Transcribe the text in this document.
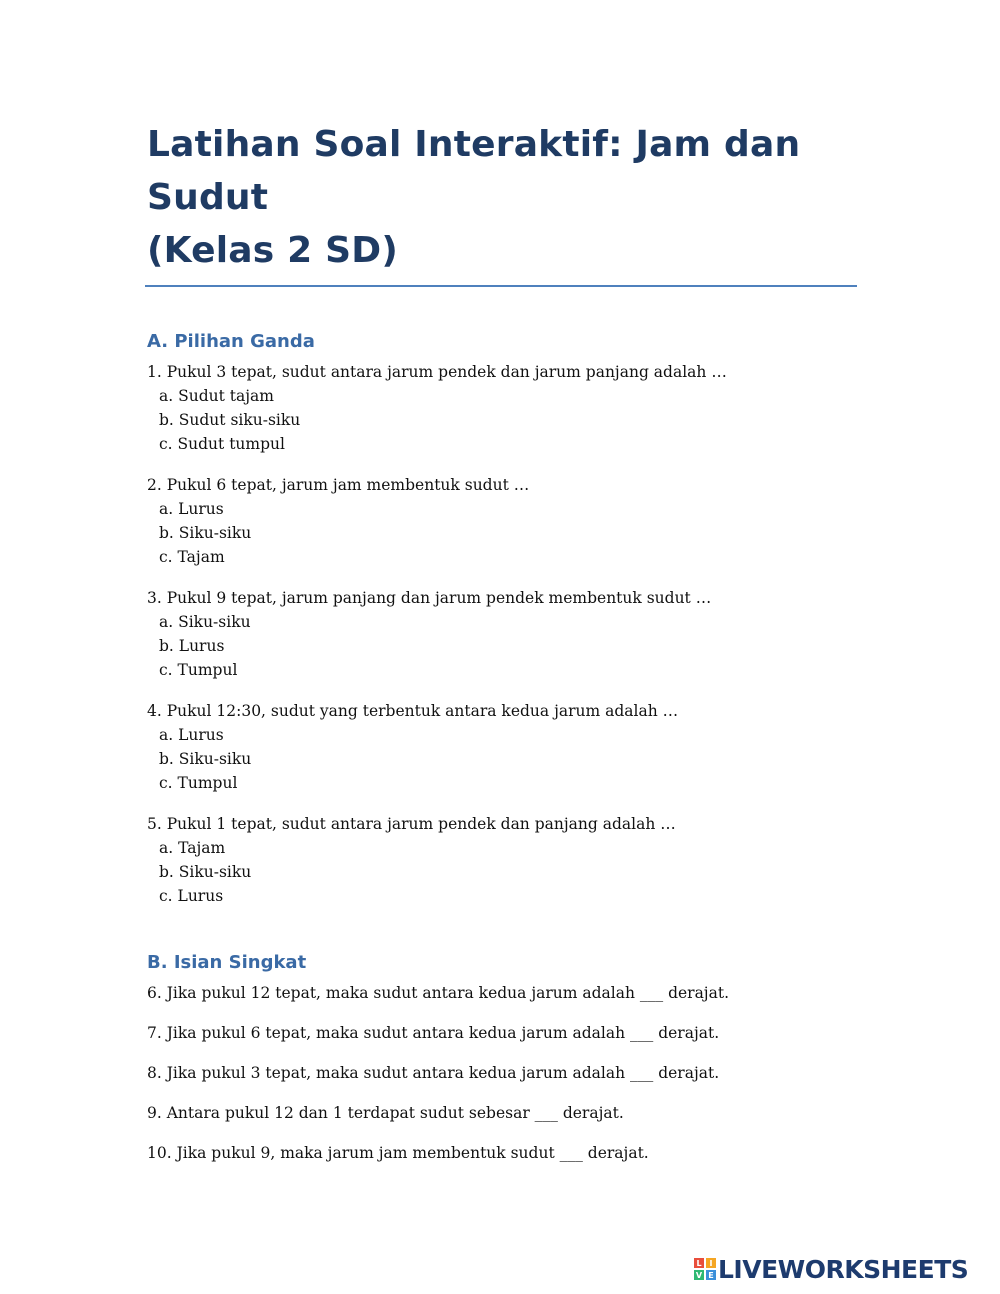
Latihan Soal Interaktif: Jam dan Sudut
(Kelas 2 SD)
A. Pilihan Ganda

1. Pukul 3 tepat, sudut antara jarum pendek dan jarum panjang adalah …

a. Sudut tajam
b. Sudut siku-siku
c. Sudut tumpul

2. Pukul 6 tepat, jarum jam membentuk sudut …

a. Lurus
b. Siku-siku
c. Tajam

3. Pukul 9 tepat, jarum panjang dan jarum pendek membentuk sudut …

a. Siku-siku
b. Lurus
c. Tumpul

4. Pukul 12:30, sudut yang terbentuk antara kedua jarum adalah …

a. Lurus
b. Siku-siku
c. Tumpul

5. Pukul 1 tepat, sudut antara jarum pendek dan panjang adalah …

a. Tajam
b. Siku-siku
c. Lurus
B. Isian Singkat

6. Jika pukul 12 tepat, maka sudut antara kedua jarum adalah ___ derajat.

7. Jika pukul 6 tepat, maka sudut antara kedua jarum adalah ___ derajat.

8. Jika pukul 3 tepat, maka sudut antara kedua jarum adalah ___ derajat.

9. Antara pukul 12 dan 1 terdapat sudut sebesar ___ derajat.

10. Jika pukul 9, maka jarum jam membentuk sudut ___ derajat.

L I
V E LIVEWORKSHEETS
